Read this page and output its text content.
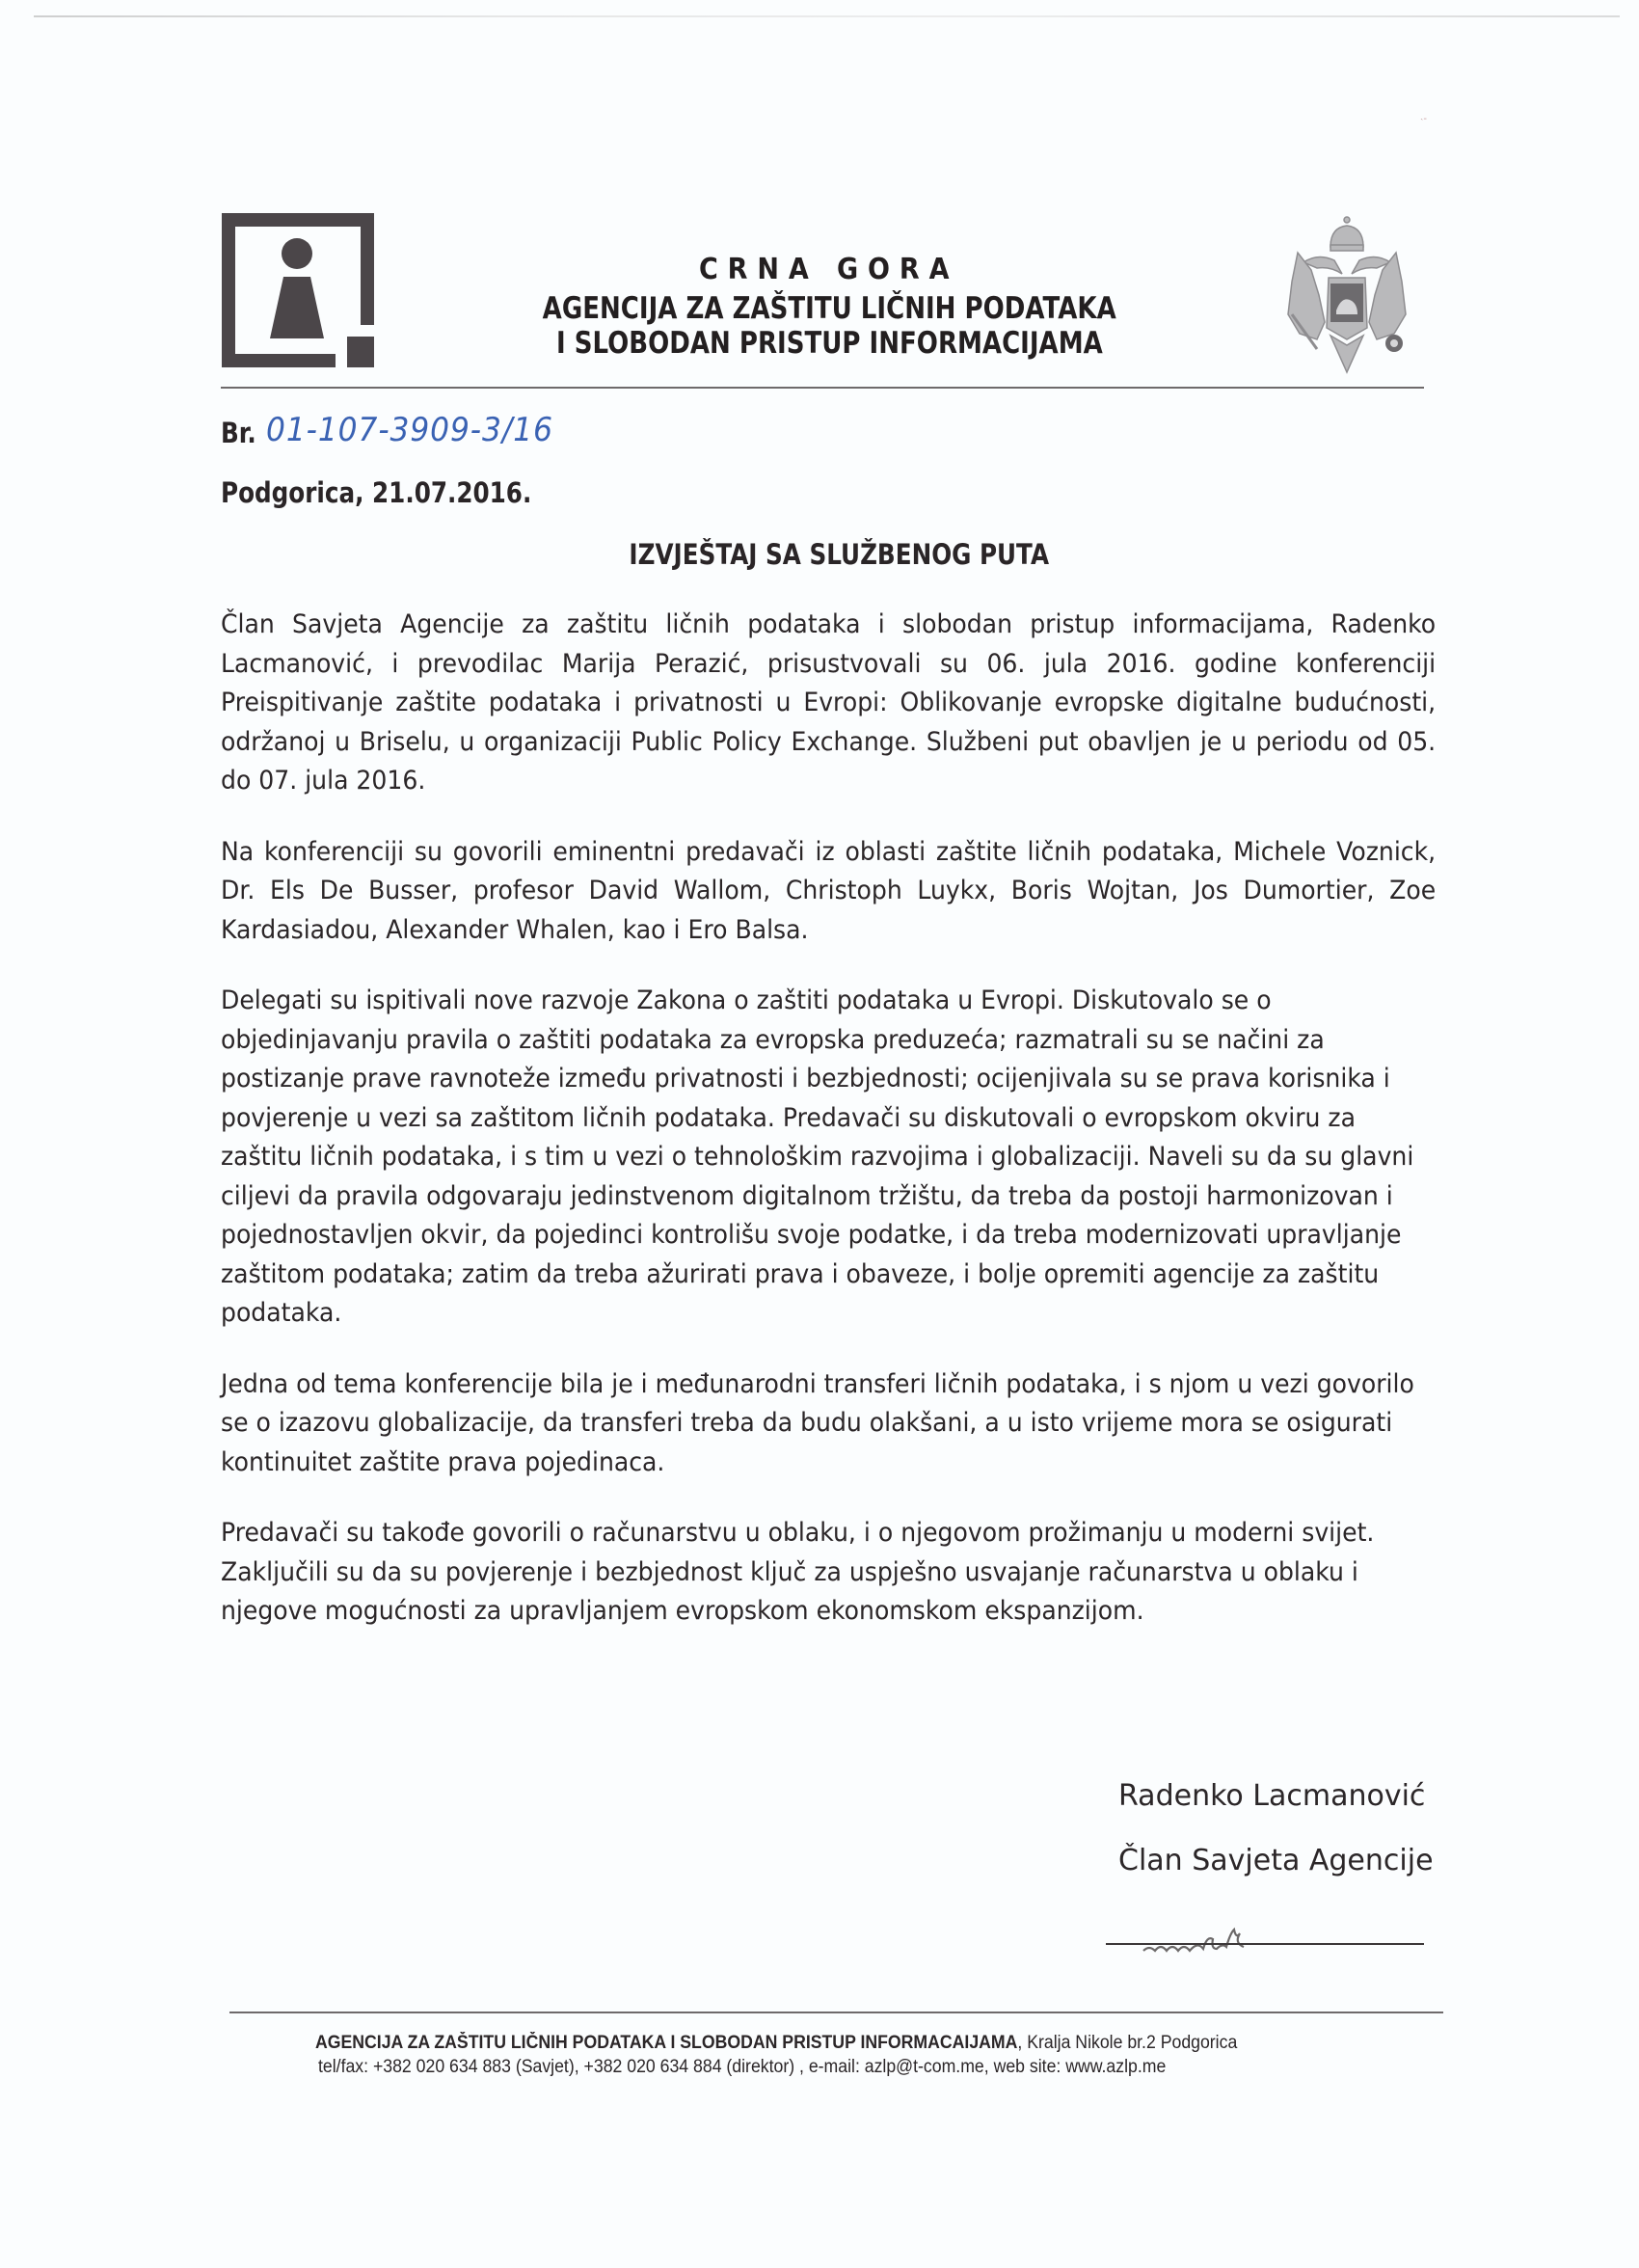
˴-
CRNA GORA
AGENCIJA ZA ZAŠTITU LIČNIH PODATAKA
I SLOBODAN PRISTUP INFORMACIJAMA
Br. 01-107-3909-3/16
Podgorica, 21.07.2016.
IZVJEŠTAJ SA SLUŽBENOG PUTA

Član Savjeta Agencije za zaštitu ličnih podataka i slobodan pristup informacijama, Radenko Lacmanović, i prevodilac Marija Perazić, prisustvovali su 06. jula 2016. godine konferenciji Preispitivanje zaštite podataka i privatnosti u Evropi: Oblikovanje evropske digitalne budućnosti, održanoj u Briselu, u organizaciji Public Policy Exchange. Službeni put obavljen je u periodu od 05. do 07. jula 2016.

Na konferenciji su govorili eminentni predavači iz oblasti zaštite ličnih podataka, Michele Voznick, Dr. Els De Busser, profesor David Wallom, Christoph Luykx, Boris Wojtan, Jos Dumortier, Zoe Kardasiadou, Alexander Whalen, kao i Ero Balsa.

Delegati su ispitivali nove razvoje Zakona o zaštiti podataka u Evropi. Diskutovalo se o objedinjavanju pravila o zaštiti podataka za evropska preduzeća; razmatrali su se načini za postizanje prave ravnoteže između privatnosti i bezbjednosti; ocijenjivala su se prava korisnika i povjerenje u vezi sa zaštitom ličnih podataka. Predavači su diskutovali o evropskom okviru za zaštitu ličnih podataka, i s tim u vezi o tehnološkim razvojima i globalizaciji. Naveli su da su glavni ciljevi da pravila odgovaraju jedinstvenom digitalnom tržištu, da treba da postoji harmonizovan i pojednostavljen okvir, da pojedinci kontrolišu svoje podatke, i da treba modernizovati upravljanje zaštitom podataka; zatim da treba ažurirati prava i obaveze, i bolje opremiti agencije za zaštitu podataka.

Jedna od tema konferencije bila je i međunarodni transferi ličnih podataka, i s njom u vezi govorilo se o izazovu globalizacije, da transferi treba da budu olakšani, a u isto vrijeme mora se osigurati kontinuitet zaštite prava pojedinaca.

Predavači su takođe govorili o računarstvu u oblaku, i o njegovom prožimanju u moderni svijet. Zaključili su da su povjerenje i bezbjednost ključ za uspješno usvajanje računarstva u oblaku i njegove mogućnosti za upravljanjem evropskom ekonomskom ekspanzijom.

Radenko Lacmanović
Član Savjeta Agencije
AGENCIJA ZA ZAŠTITU LIČNIH PODATAKA I SLOBODAN PRISTUP INFORMACAIJAMA, Kralja Nikole br.2 Podgorica
tel/fax: +382 020 634 883 (Savjet), +382 020 634 884 (direktor) , e-mail: azlp@t-com.me, web site: www.azlp.me
